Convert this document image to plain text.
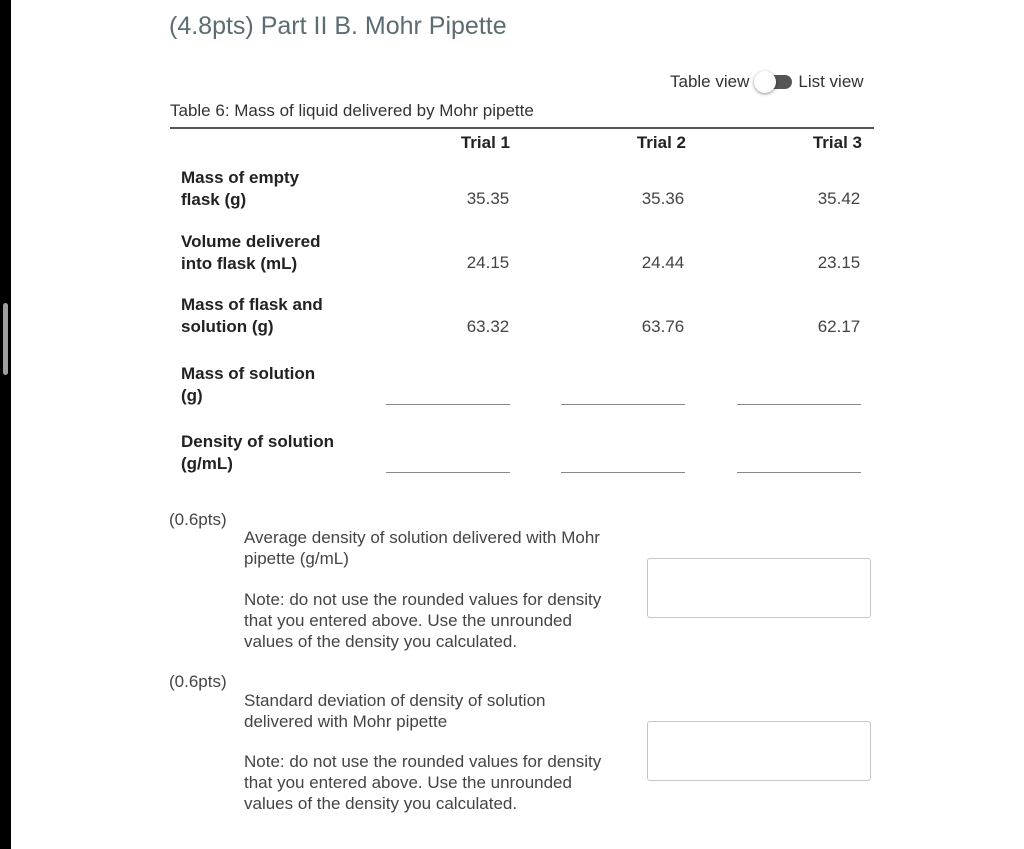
(4.8pts) Part II B. Mohr Pipette
Table view	List view
Table 6: Mass of liquid delivered by Mohr pipette
Trial 1	Trial 2	Trial 3
Mass of empty
flask (g)	35.35	35.36	35.42
Volume delivered
into flask (mL)	24.15	24.44	23.15
Mass of flask and
solution (g)	63.32	63.76	62.17
Mass of solution
(g)
Density of solution
(g/mL)
(0.6pts)
Average density of solution delivered with Mohr
pipette (g/mL)
Note: do not use the rounded values for density
that you entered above. Use the unrounded
values of the density you calculated.
(0.6pts)
Standard deviation of density of solution
delivered with Mohr pipette
Note: do not use the rounded values for density
that you entered above. Use the unrounded
values of the density you calculated.
